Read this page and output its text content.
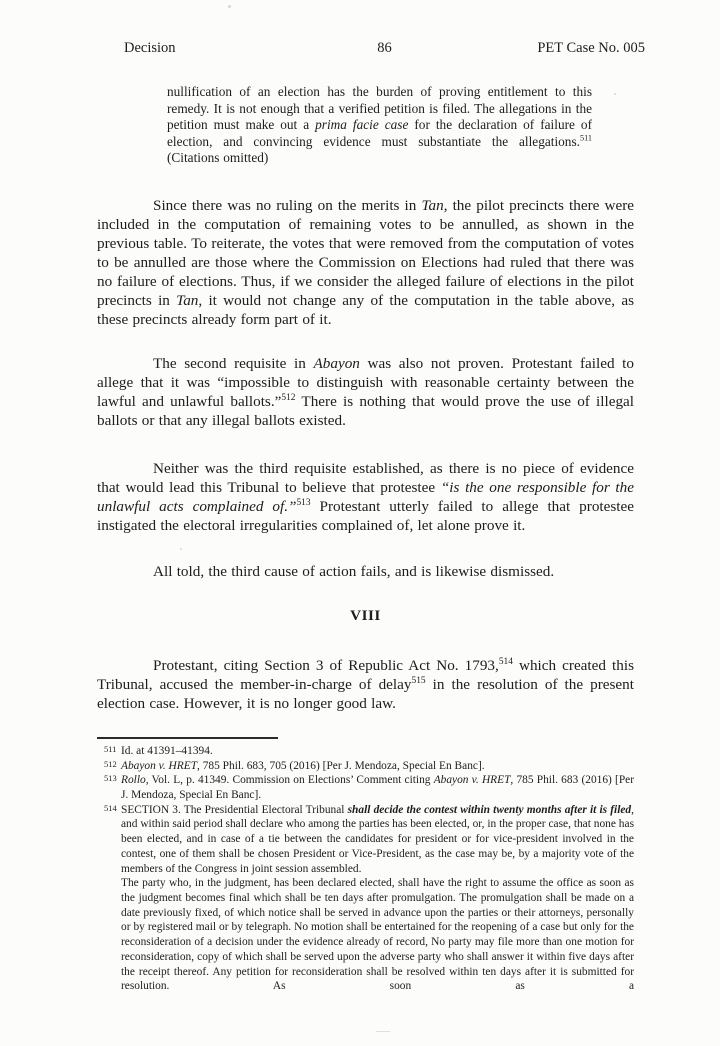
Decision	86	PET Case No. 005
nullification of an election has the burden of proving entitlement to this remedy. It is not enough that a verified petition is filed. The allegations in the petition must make out a prima facie case for the declaration of failure of election, and convincing evidence must substantiate the allegations.$^{511}$ (Citations omitted)

Since there was no ruling on the merits in Tan, the pilot precincts there were included in the computation of remaining votes to be annulled, as shown in the previous table. To reiterate, the votes that were removed from the computation of votes to be annulled are those where the Commission on Elections had ruled that there was no failure of elections. Thus, if we consider the alleged failure of elections in the pilot precincts in Tan, it would not change any of the computation in the table above, as these precincts already form part of it.

The second requisite in Abayon was also not proven. Protestant failed to allege that it was “impossible to distinguish with reasonable certainty between the lawful and unlawful ballots.”$^{512}$ There is nothing that would prove the use of illegal ballots or that any illegal ballots existed.

Neither was the third requisite established, as there is no piece of evidence that would lead this Tribunal to believe that protestee “is the one responsible for the unlawful acts complained of.”$^{513}$ Protestant utterly failed to allege that protestee instigated the electoral irregularities complained of, let alone prove it.

All told, the third cause of action fails, and is likewise dismissed.

VIII

Protestant, citing Section 3 of Republic Act No. 1793,$^{514}$ which created this Tribunal, accused the member-in-charge of delay$^{515}$ in the resolution of the present election case. However, it is no longer good law.

511 Id. at 41391–41394.

512 Abayon v. HRET, 785 Phil. 683, 705 (2016) [Per J. Mendoza, Special En Banc].

513 Rollo, Vol. L, p. 41349. Commission on Elections’ Comment citing Abayon v. HRET, 785 Phil. 683 (2016) [Per J. Mendoza, Special En Banc].

514 SECTION 3. The Presidential Electoral Tribunal shall decide the contest within twenty months after it is filed, and within said period shall declare who among the parties has been elected, or, in the proper case, that none has been elected, and in case of a tie between the candidates for president or for vice-president involved in the contest, one of them shall be chosen President or Vice-President, as the case may be, by a majority vote of the members of the Congress in joint session assembled.

The party who, in the judgment, has been declared elected, shall have the right to assume the office as soon as the judgment becomes final which shall be ten days after promulgation. The promulgation shall be made on a date previously fixed, of which notice shall be served in advance upon the parties or their attorneys, personally or by registered mail or by telegraph. No motion shall be entertained for the reopening of a case but only for the reconsideration of a decision under the evidence already of record, No party may file more than one motion for reconsideration, copy of which shall be served upon the adverse party who shall answer it within five days after the receipt thereof. Any petition for reconsideration shall be resolved within ten days after it is submitted for resolution. As soon as a
